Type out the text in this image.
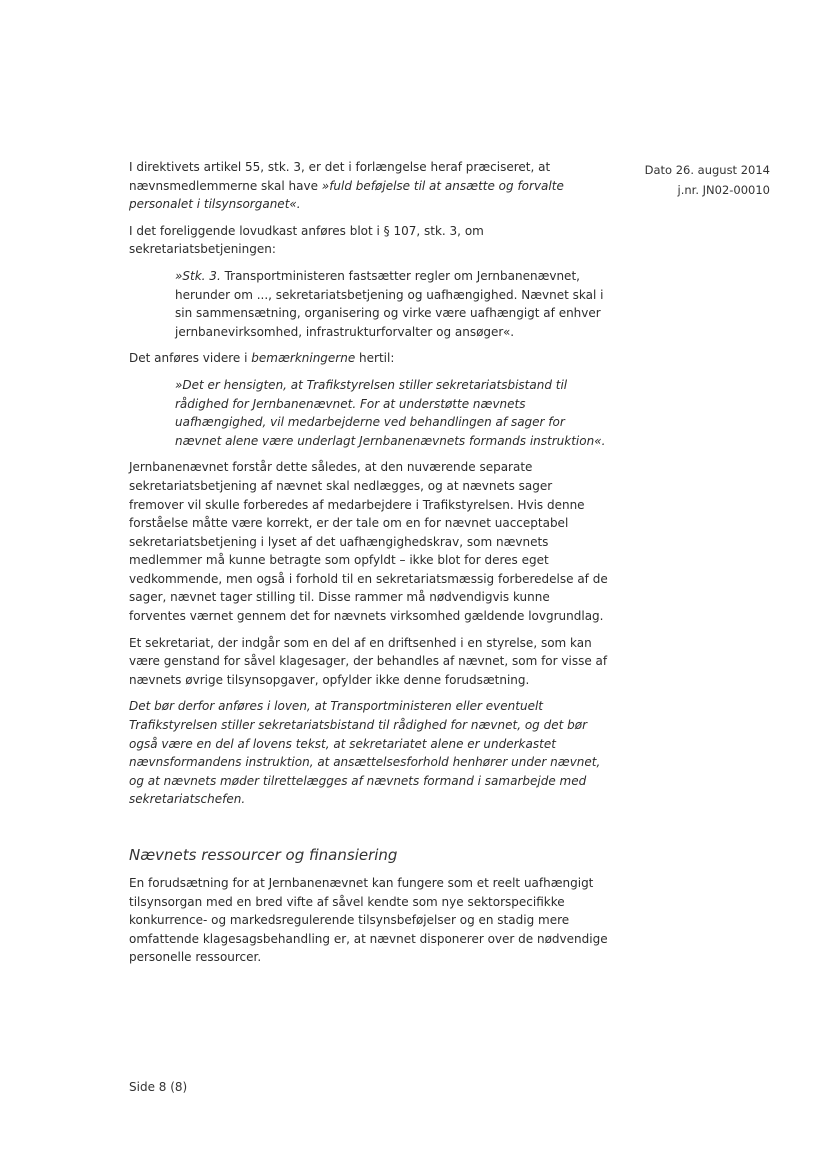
Dato 26. august 2014
j.nr. JN02-00010

I direktivets artikel 55, stk. 3, er det i forlængelse heraf præciseret, at nævnsmedlemmerne skal have »fuld beføjelse til at ansætte og forvalte personalet i tilsynsorganet«.

I det foreliggende lovudkast anføres blot i § 107, stk. 3, om sekretariatsbetjeningen:

»Stk. 3. Transportministeren fastsætter regler om Jernbanenævnet, herunder om ..., sekretariatsbetjening og uafhængighed. Nævnet skal i sin sammensætning, organisering og virke være uafhængigt af enhver jernbanevirksomhed, infrastrukturforvalter og ansøger«.

Det anføres videre i bemærkningerne hertil:

»Det er hensigten, at Trafikstyrelsen stiller sekretariatsbistand til rådighed for Jernbanenævnet. For at understøtte nævnets uafhængighed, vil medarbejderne ved behandlingen af sager for nævnet alene være underlagt Jernbanenævnets formands instruktion«.

Jernbanenævnet forstår dette således, at den nuværende separate sekretariatsbetjening af nævnet skal nedlægges, og at nævnets sager fremover vil skulle forberedes af medarbejdere i Trafikstyrelsen. Hvis denne forståelse måtte være korrekt, er der tale om en for nævnet uacceptabel sekretariatsbetjening i lyset af det uafhængighedskrav, som nævnets medlemmer må kunne betragte som opfyldt – ikke blot for deres eget vedkommende, men også i forhold til en sekretariatsmæssig forberedelse af de sager, nævnet tager stilling til. Disse rammer må nødvendigvis kunne forventes værnet gennem det for nævnets virksomhed gældende lovgrundlag.

Et sekretariat, der indgår som en del af en driftsenhed i en styrelse, som kan være genstand for såvel klagesager, der behandles af nævnet, som for visse af nævnets øvrige tilsynsopgaver, opfylder ikke denne forudsætning.

Det bør derfor anføres i loven, at Transportministeren eller eventuelt Trafikstyrelsen stiller sekretariatsbistand til rådighed for nævnet, og det bør også være en del af lovens tekst, at sekretariatet alene er underkastet nævnsformandens instruktion, at ansættelsesforhold henhører under nævnet, og at nævnets møder tilrettelægges af nævnets formand i samarbejde med sekretariatschefen.

Nævnets ressourcer og finansiering

En forudsætning for at Jernbanenævnet kan fungere som et reelt uafhængigt tilsynsorgan med en bred vifte af såvel kendte som nye sektorspecifikke konkurrence- og markedsregulerende tilsynsbeføjelser og en stadig mere omfattende klagesagsbehandling er, at nævnet disponerer over de nødvendige personelle ressourcer.

Side 8 (8)
